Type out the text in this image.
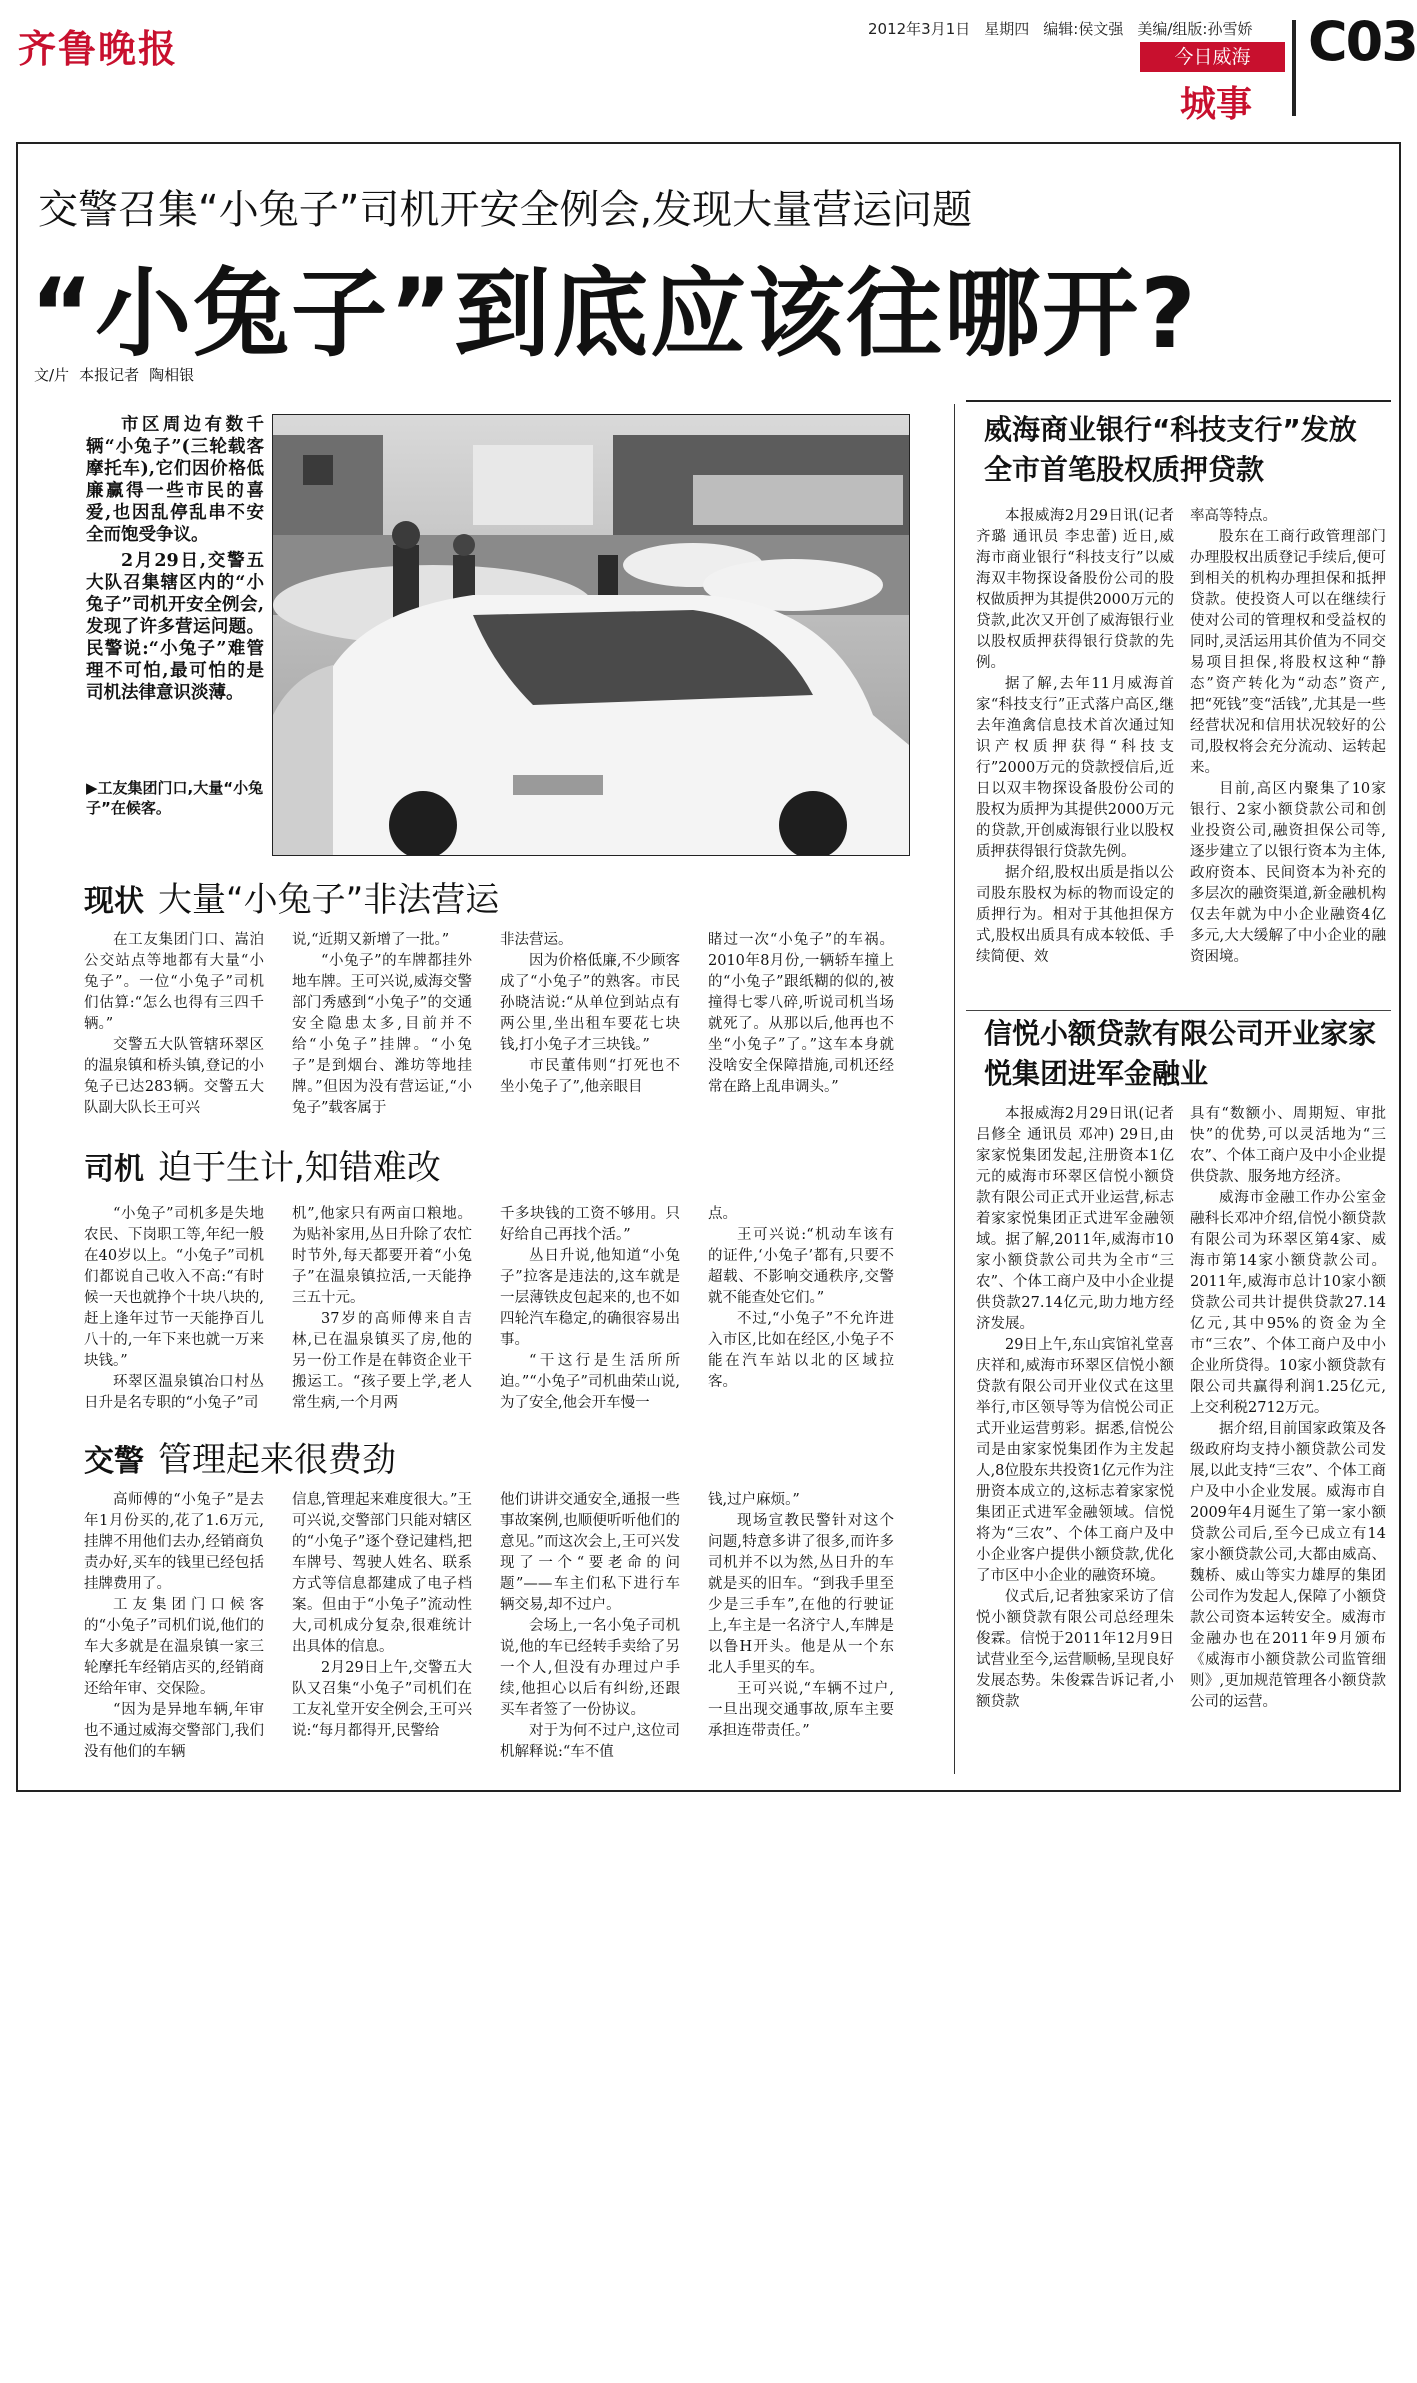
齐鲁晚报	2012年3月1日 星期四 编辑:侯文强 美编/组版:孙雪娇
今日威海
城事
C03
交警召集“小兔子”司机开安全例会,发现大量营运问题
“小兔子”到底应该往哪开?
文/片 本报记者 陶相银

市区周边有数千辆“小兔子”(三轮载客摩托车),它们因价格低廉赢得一些市民的喜爱,也因乱停乱串不安全而饱受争议。

2月29日,交警五大队召集辖区内的“小兔子”司机开安全例会,发现了许多营运问题。民警说:“小兔子”难管理不可怕,最可怕的是司机法律意识淡薄。

▶工友集团门口,大量“小兔子”在候客。
现状 大量“小兔子”非法营运

在工友集团门口、嵩泊公交站点等地都有大量“小兔子”。一位“小兔子”司机们估算:“怎么也得有三四千辆。”

交警五大队管辖环翠区的温泉镇和桥头镇,登记的小兔子已达283辆。交警五大队副大队长王可兴

说,“近期又新增了一批。”

“小兔子”的车牌都挂外地车牌。王可兴说,威海交警部门秀感到“小兔子”的交通安全隐患太多,目前并不给“小兔子”挂牌。“小兔子”是到烟台、潍坊等地挂牌。”但因为没有营运证,“小兔子”载客属于

非法营运。

因为价格低廉,不少顾客成了“小兔子”的熟客。市民孙晓洁说:“从单位到站点有两公里,坐出租车要花七块钱,打小兔子才三块钱。”

市民董伟则“打死也不坐小兔子了”,他亲眼目

睹过一次“小兔子”的车祸。2010年8月份,一辆轿车撞上的“小兔子”跟纸糊的似的,被撞得七零八碎,听说司机当场就死了。从那以后,他再也不坐“小兔子”了。”这车本身就没啥安全保障措施,司机还经常在路上乱串调头。”

司机 迫于生计,知错难改

“小兔子”司机多是失地农民、下岗职工等,年纪一般在40岁以上。“小兔子”司机们都说自己收入不高:“有时候一天也就挣个十块八块的,赶上逢年过节一天能挣百儿八十的,一年下来也就一万来块钱。”

环翠区温泉镇冶口村丛日升是名专职的“小兔子”司

机”,他家只有两亩口粮地。为贴补家用,丛日升除了农忙时节外,每天都要开着“小兔子”在温泉镇拉活,一天能挣三五十元。

37岁的高师傅来自吉林,已在温泉镇买了房,他的另一份工作是在韩资企业干搬运工。“孩子要上学,老人常生病,一个月两

千多块钱的工资不够用。只好给自己再找个活。”

丛日升说,他知道“小兔子”拉客是违法的,这车就是一层薄铁皮包起来的,也不如四轮汽车稳定,的确很容易出事。

“干这行是生活所所迫。”“小兔子”司机曲荣山说,为了安全,他会开车慢一

点。

王可兴说:“机动车该有的证件,‘小兔子’都有,只要不超载、不影响交通秩序,交警就不能查处它们。”

不过,“小兔子”不允许进入市区,比如在经区,小兔子不能在汽车站以北的区域拉客。

交警 管理起来很费劲

高师傅的“小兔子”是去年1月份买的,花了1.6万元,挂牌不用他们去办,经销商负责办好,买车的钱里已经包括挂牌费用了。

工友集团门口候客的“小兔子”司机们说,他们的车大多就是在温泉镇一家三轮摩托车经销店买的,经销商还给年审、交保险。

“因为是异地车辆,年审也不通过威海交警部门,我们没有他们的车辆

信息,管理起来难度很大。”王可兴说,交警部门只能对辖区的“小兔子”逐个登记建档,把车牌号、驾驶人姓名、联系方式等信息都建成了电子档案。但由于“小兔子”流动性大,司机成分复杂,很难统计出具体的信息。

2月29日上午,交警五大队又召集“小兔子”司机们在工友礼堂开安全例会,王可兴说:“每月都得开,民警给

他们讲讲交通安全,通报一些事故案例,也顺便听听他们的意见。”而这次会上,王可兴发现了一个“要老命的问题”——车主们私下进行车辆交易,却不过户。

会场上,一名小兔子司机说,他的车已经转手卖给了另一个人,但没有办理过户手续,他担心以后有纠纷,还跟买车者签了一份协议。

对于为何不过户,这位司机解释说:“车不值

钱,过户麻烦。”

现场宣教民警针对这个问题,特意多讲了很多,而许多司机并不以为然,丛日升的车就是买的旧车。“到我手里至少是三手车”,在他的行驶证上,车主是一名济宁人,车牌是以鲁H开头。他是从一个东北人手里买的车。

王可兴说,“车辆不过户,一旦出现交通事故,原车主要承担连带责任。”

威海商业银行“科技支行”发放全市首笔股权质押贷款

本报威海2月29日讯(记者 齐璐 通讯员 李忠蕾) 近日,威海市商业银行“科技支行”以威海双丰物探设备股份公司的股权做质押为其提供2000万元的贷款,此次又开创了威海银行业以股权质押获得银行贷款的先例。

据了解,去年11月威海首家“科技支行”正式落户高区,继去年渔禽信息技术首次通过知识产权质押获得“科技支行”2000万元的贷款授信后,近日以双丰物探设备股份公司的股权为质押为其提供2000万元的贷款,开创威海银行业以股权质押获得银行贷款先例。

据介绍,股权出质是指以公司股东股权为标的物而设定的质押行为。相对于其他担保方式,股权出质具有成本较低、手续简便、效

率高等特点。

股东在工商行政管理部门办理股权出质登记手续后,便可到相关的机构办理担保和抵押贷款。使投资人可以在继续行使对公司的管理权和受益权的同时,灵活运用其价值为不同交易项目担保,将股权这种“静态”资产转化为“动态”资产,把“死钱”变“活钱”,尤其是一些经营状况和信用状况较好的公司,股权将会充分流动、运转起来。

目前,高区内聚集了10家银行、2家小额贷款公司和创业投资公司,融资担保公司等,逐步建立了以银行资本为主体,政府资本、民间资本为补充的多层次的融资渠道,新金融机构仅去年就为中小企业融资4亿多元,大大缓解了中小企业的融资困境。

信悦小额贷款有限公司开业家家悦集团进军金融业

本报威海2月29日讯(记者 吕修全 通讯员 邓冲) 29日,由家家悦集团发起,注册资本1亿元的威海市环翠区信悦小额贷款有限公司正式开业运营,标志着家家悦集团正式进军金融领域。据了解,2011年,威海市10家小额贷款公司共为全市“三农”、个体工商户及中小企业提供贷款27.14亿元,助力地方经济发展。

29日上午,东山宾馆礼堂喜庆祥和,威海市环翠区信悦小额贷款有限公司开业仪式在这里举行,市区领导等为信悦公司正式开业运营剪彩。据悉,信悦公司是由家家悦集团作为主发起人,8位股东共投资1亿元作为注册资本成立的,这标志着家家悦集团正式进军金融领域。信悦将为“三农”、个体工商户及中小企业客户提供小额贷款,优化了市区中小企业的融资环境。

仪式后,记者独家采访了信悦小额贷款有限公司总经理朱俊霖。信悦于2011年12月9日试营业至今,运营顺畅,呈现良好发展态势。朱俊霖告诉记者,小额贷款

具有“数额小、周期短、审批快”的优势,可以灵活地为“三农”、个体工商户及中小企业提供贷款、服务地方经济。

威海市金融工作办公室金融科长邓冲介绍,信悦小额贷款有限公司为环翠区第4家、威海市第14家小额贷款公司。2011年,威海市总计10家小额贷款公司共计提供贷款27.14亿元,其中95%的资金为全市“三农”、个体工商户及中小企业所贷得。10家小额贷款有限公司共赢得利润1.25亿元,上交利税2712万元。

据介绍,目前国家政策及各级政府均支持小额贷款公司发展,以此支持“三农”、个体工商户及中小企业发展。威海市自2009年4月诞生了第一家小额贷款公司后,至今已成立有14家小额贷款公司,大都由威高、魏桥、威山等实力雄厚的集团公司作为发起人,保障了小额贷款公司资本运转安全。威海市金融办也在2011年9月颁布《威海市小额贷款公司监管细则》,更加规范管理各小额贷款公司的运营。
